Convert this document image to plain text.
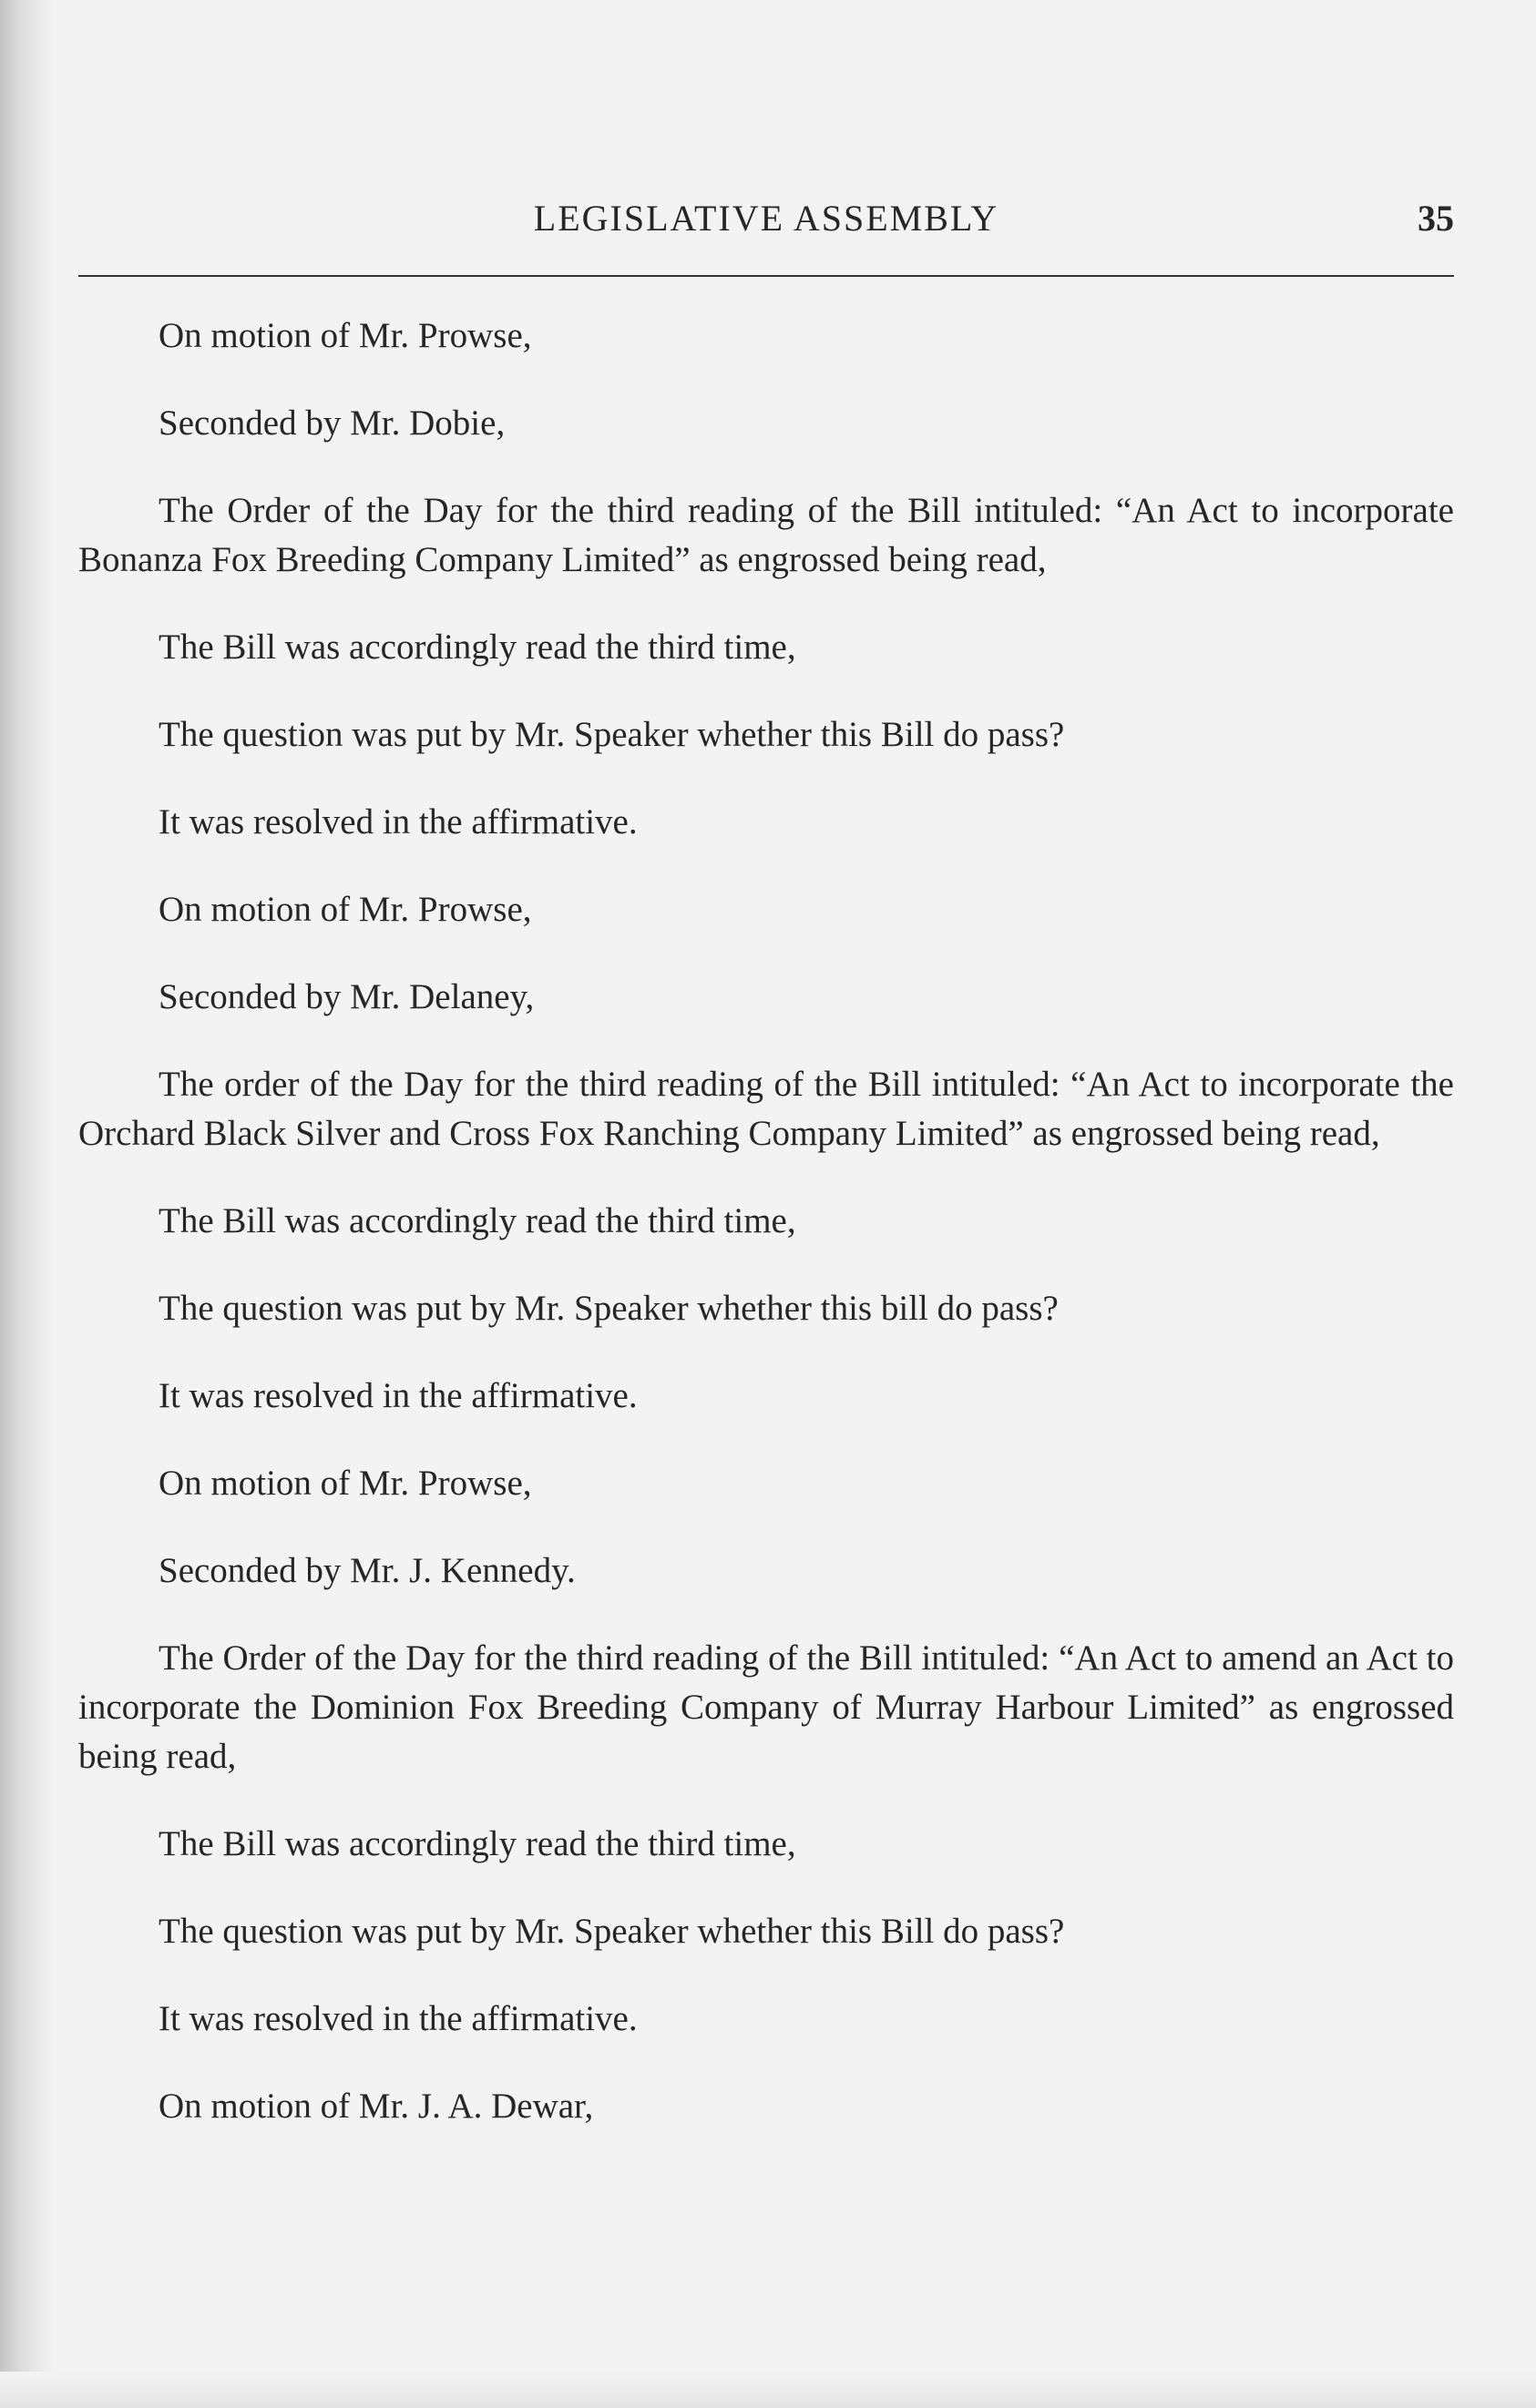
LEGISLATIVE ASSEMBLY	35

On motion of Mr. Prowse,

Seconded by Mr. Dobie,

The Order of the Day for the third reading of the Bill intituled: “An Act to incorporate Bonanza Fox Breeding Company Limited” as engrossed being read,

The Bill was accordingly read the third time,

The question was put by Mr. Speaker whether this Bill do pass?

It was resolved in the affirmative.

On motion of Mr. Prowse,

Seconded by Mr. Delaney,

The order of the Day for the third reading of the Bill intituled: “An Act to incorporate the Orchard Black Silver and Cross Fox Ranching Company Limited” as engrossed being read,

The Bill was accordingly read the third time,

The question was put by Mr. Speaker whether this bill do pass?

It was resolved in the affirmative.

On motion of Mr. Prowse,

Seconded by Mr. J. Kennedy.

The Order of the Day for the third reading of the Bill intituled: “An Act to amend an Act to incorporate the Dominion Fox Breeding Company of Murray Harbour Limited” as engrossed being read,

The Bill was accordingly read the third time,

The question was put by Mr. Speaker whether this Bill do pass?

It was resolved in the affirmative.

On motion of Mr. J. A. Dewar,
